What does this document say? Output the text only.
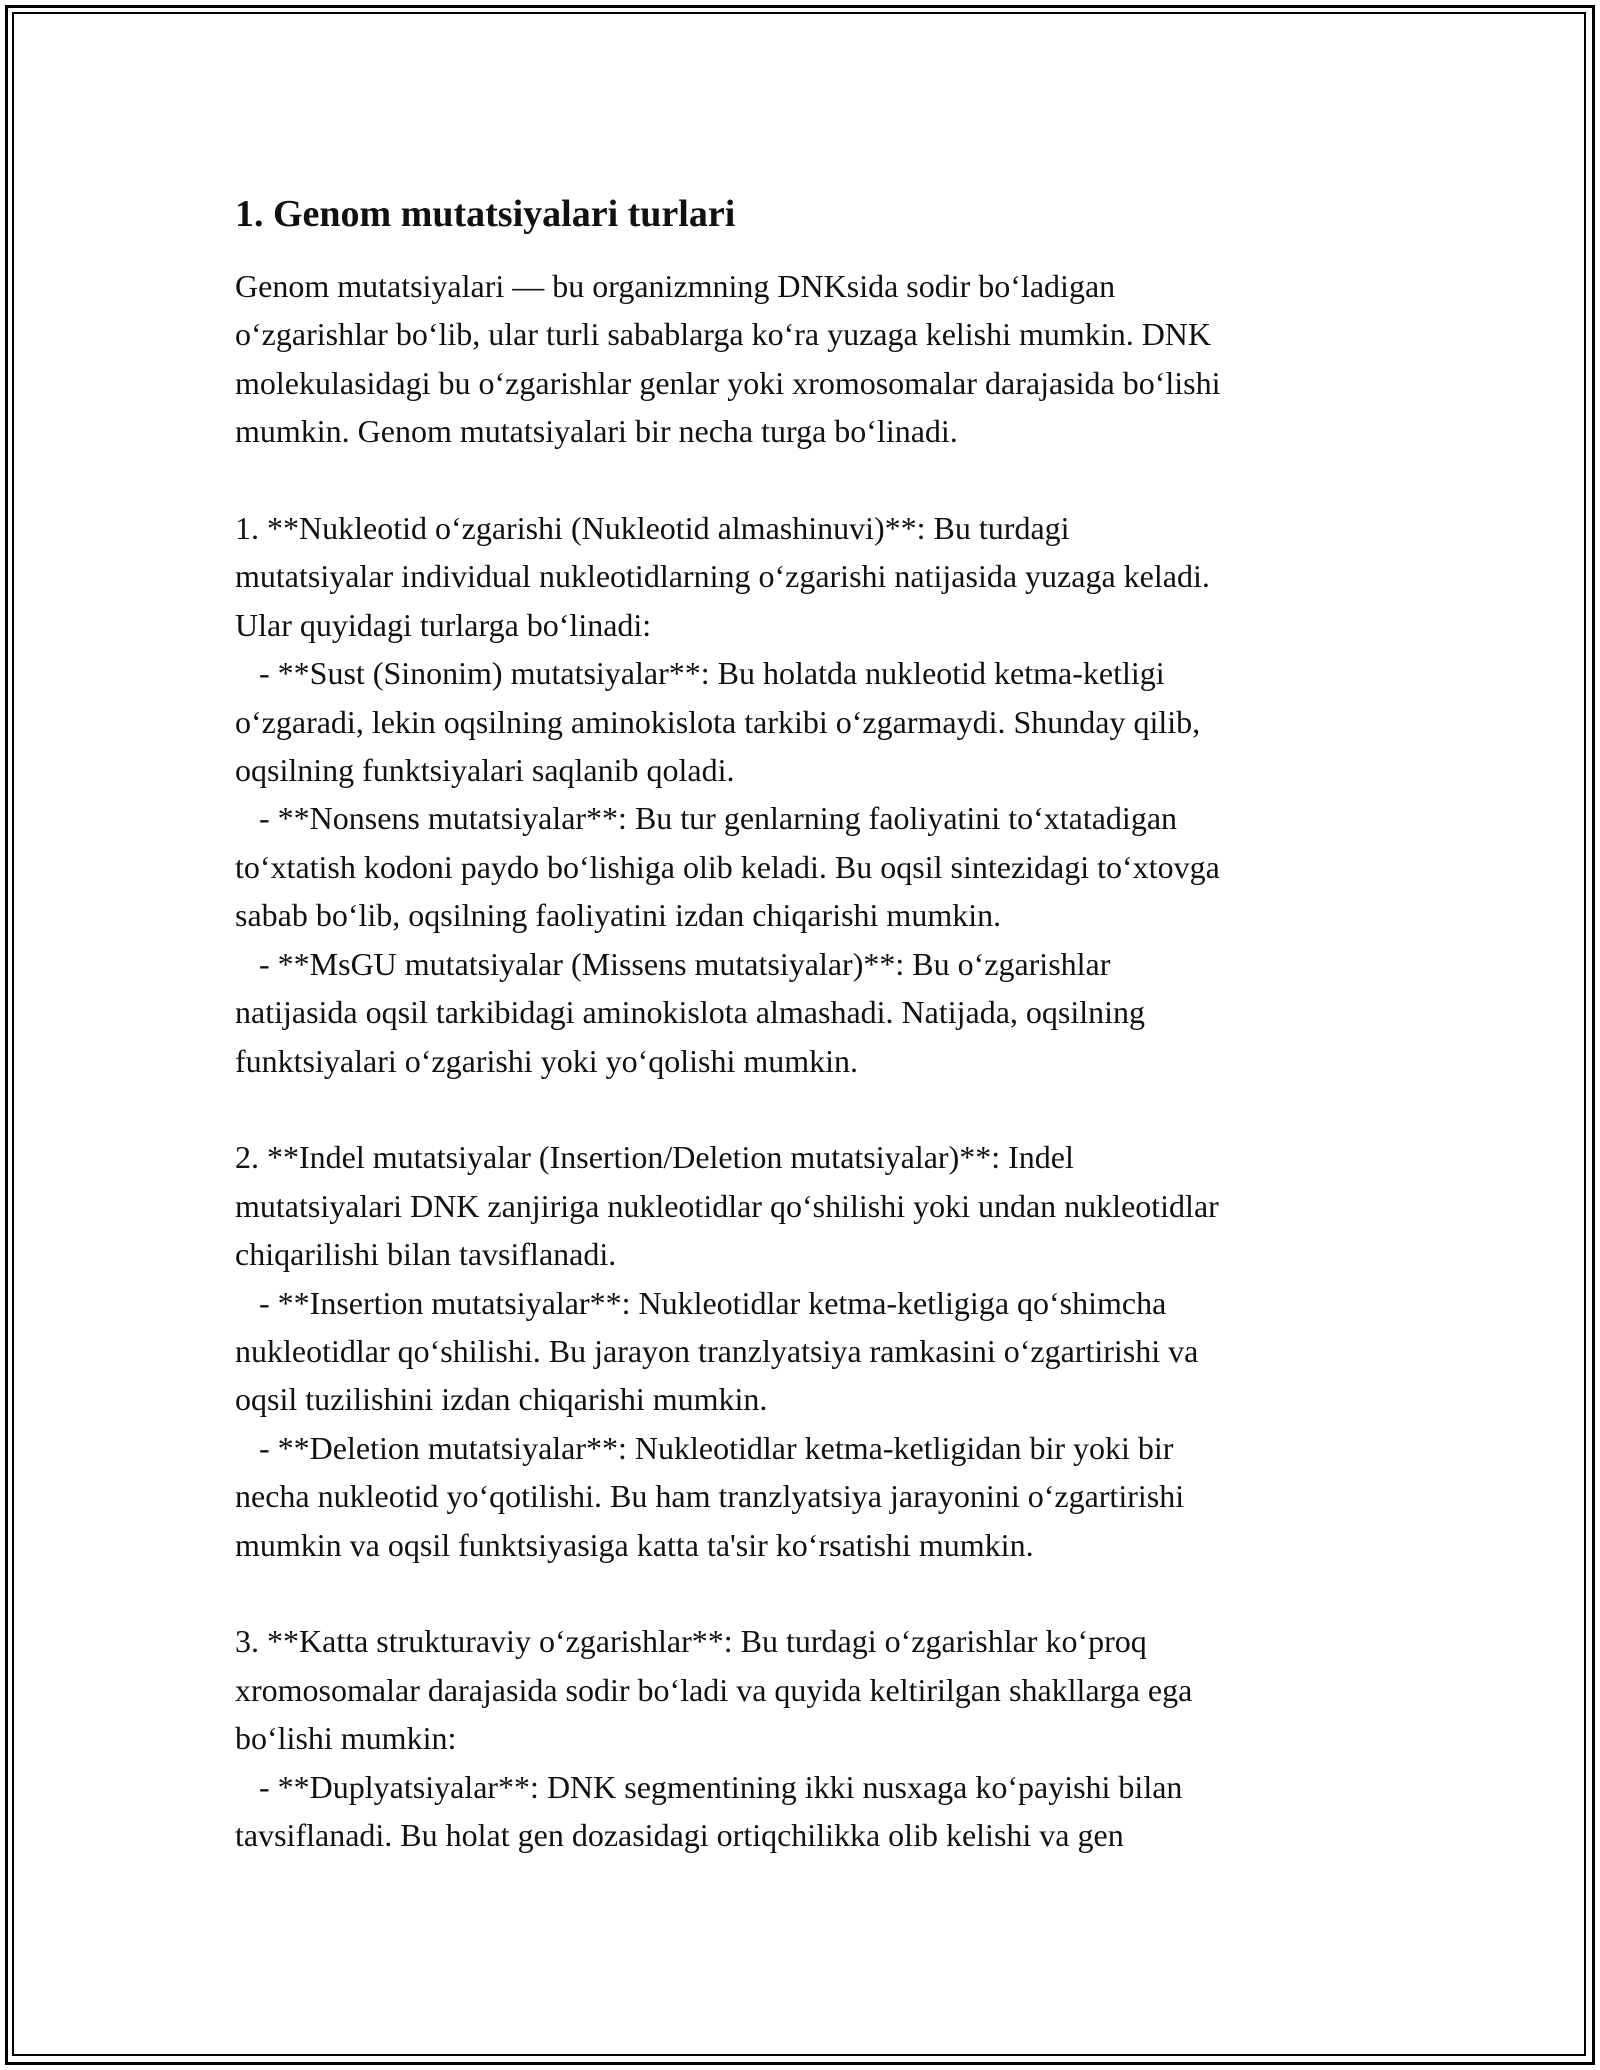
1. Genom mutatsiyalari turlari

Genom mutatsiyalari — bu organizmning DNKsida sodir bo‘ladigan
o‘zgarishlar bo‘lib, ular turli sabablarga ko‘ra yuzaga kelishi mumkin. DNK
molekulasidagi bu o‘zgarishlar genlar yoki xromosomalar darajasida bo‘lishi
mumkin. Genom mutatsiyalari bir necha turga bo‘linadi.

1. **Nukleotid o‘zgarishi (Nukleotid almashinuvi)**: Bu turdagi
mutatsiyalar individual nukleotidlarning o‘zgarishi natijasida yuzaga keladi.
Ular quyidagi turlarga bo‘linadi:
- **Sust (Sinonim) mutatsiyalar**: Bu holatda nukleotid ketma-ketligi
o‘zgaradi, lekin oqsilning aminokislota tarkibi o‘zgarmaydi. Shunday qilib,
oqsilning funktsiyalari saqlanib qoladi.
- **Nonsens mutatsiyalar**: Bu tur genlarning faoliyatini to‘xtatadigan
to‘xtatish kodoni paydo bo‘lishiga olib keladi. Bu oqsil sintezidagi to‘xtovga
sabab bo‘lib, oqsilning faoliyatini izdan chiqarishi mumkin.
- **MsGU mutatsiyalar (Missens mutatsiyalar)**: Bu o‘zgarishlar
natijasida oqsil tarkibidagi aminokislota almashadi. Natijada, oqsilning
funktsiyalari o‘zgarishi yoki yo‘qolishi mumkin.

2. **Indel mutatsiyalar (Insertion/Deletion mutatsiyalar)**: Indel
mutatsiyalari DNK zanjiriga nukleotidlar qo‘shilishi yoki undan nukleotidlar
chiqarilishi bilan tavsiflanadi.
- **Insertion mutatsiyalar**: Nukleotidlar ketma-ketligiga qo‘shimcha
nukleotidlar qo‘shilishi. Bu jarayon tranzlyatsiya ramkasini o‘zgartirishi va
oqsil tuzilishini izdan chiqarishi mumkin.
- **Deletion mutatsiyalar**: Nukleotidlar ketma-ketligidan bir yoki bir
necha nukleotid yo‘qotilishi. Bu ham tranzlyatsiya jarayonini o‘zgartirishi
mumkin va oqsil funktsiyasiga katta ta'sir ko‘rsatishi mumkin.

3. **Katta strukturaviy o‘zgarishlar**: Bu turdagi o‘zgarishlar ko‘proq
xromosomalar darajasida sodir bo‘ladi va quyida keltirilgan shakllarga ega
bo‘lishi mumkin:
- **Duplyatsiyalar**: DNK segmentining ikki nusxaga ko‘payishi bilan
tavsiflanadi. Bu holat gen dozasidagi ortiqchilikka olib kelishi va gen
